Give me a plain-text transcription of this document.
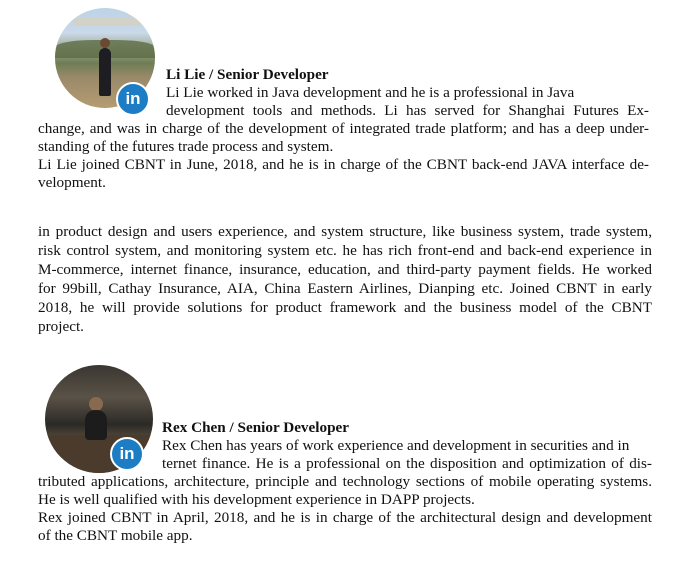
in
Li Lie / Senior Developer
Li Lie worked in Java development and he is a professional in Java
development tools and methods. Li has served for Shanghai Futures Ex-
change, and was in charge of the development of integrated trade platform; and has a deep under-
standing of the futures trade process and system.
Li Lie joined CBNT in June, 2018, and he is in charge of the CBNT back-end JAVA interface de-
velopment.
in product design and users experience, and system structure, like business system, trade system,
risk control system, and monitoring system etc. he has rich front-end and back-end experience in
M-commerce, internet finance, insurance, education, and third-party payment fields. He worked
for 99bill, Cathay Insurance, AIA, China Eastern Airlines, Dianping etc. Joined CBNT in early
2018, he will provide solutions for product framework and the business model of the CBNT
project.
in
Rex Chen / Senior Developer
Rex Chen has years of work experience and development in securities and in
ternet finance. He is a professional on the disposition and optimization of dis-
tributed applications, architecture, principle and technology sections of mobile operating systems.
He is well qualified with his development experience in DAPP projects.
Rex joined CBNT in April, 2018, and he is in charge of the architectural design and development
of the CBNT mobile app.
